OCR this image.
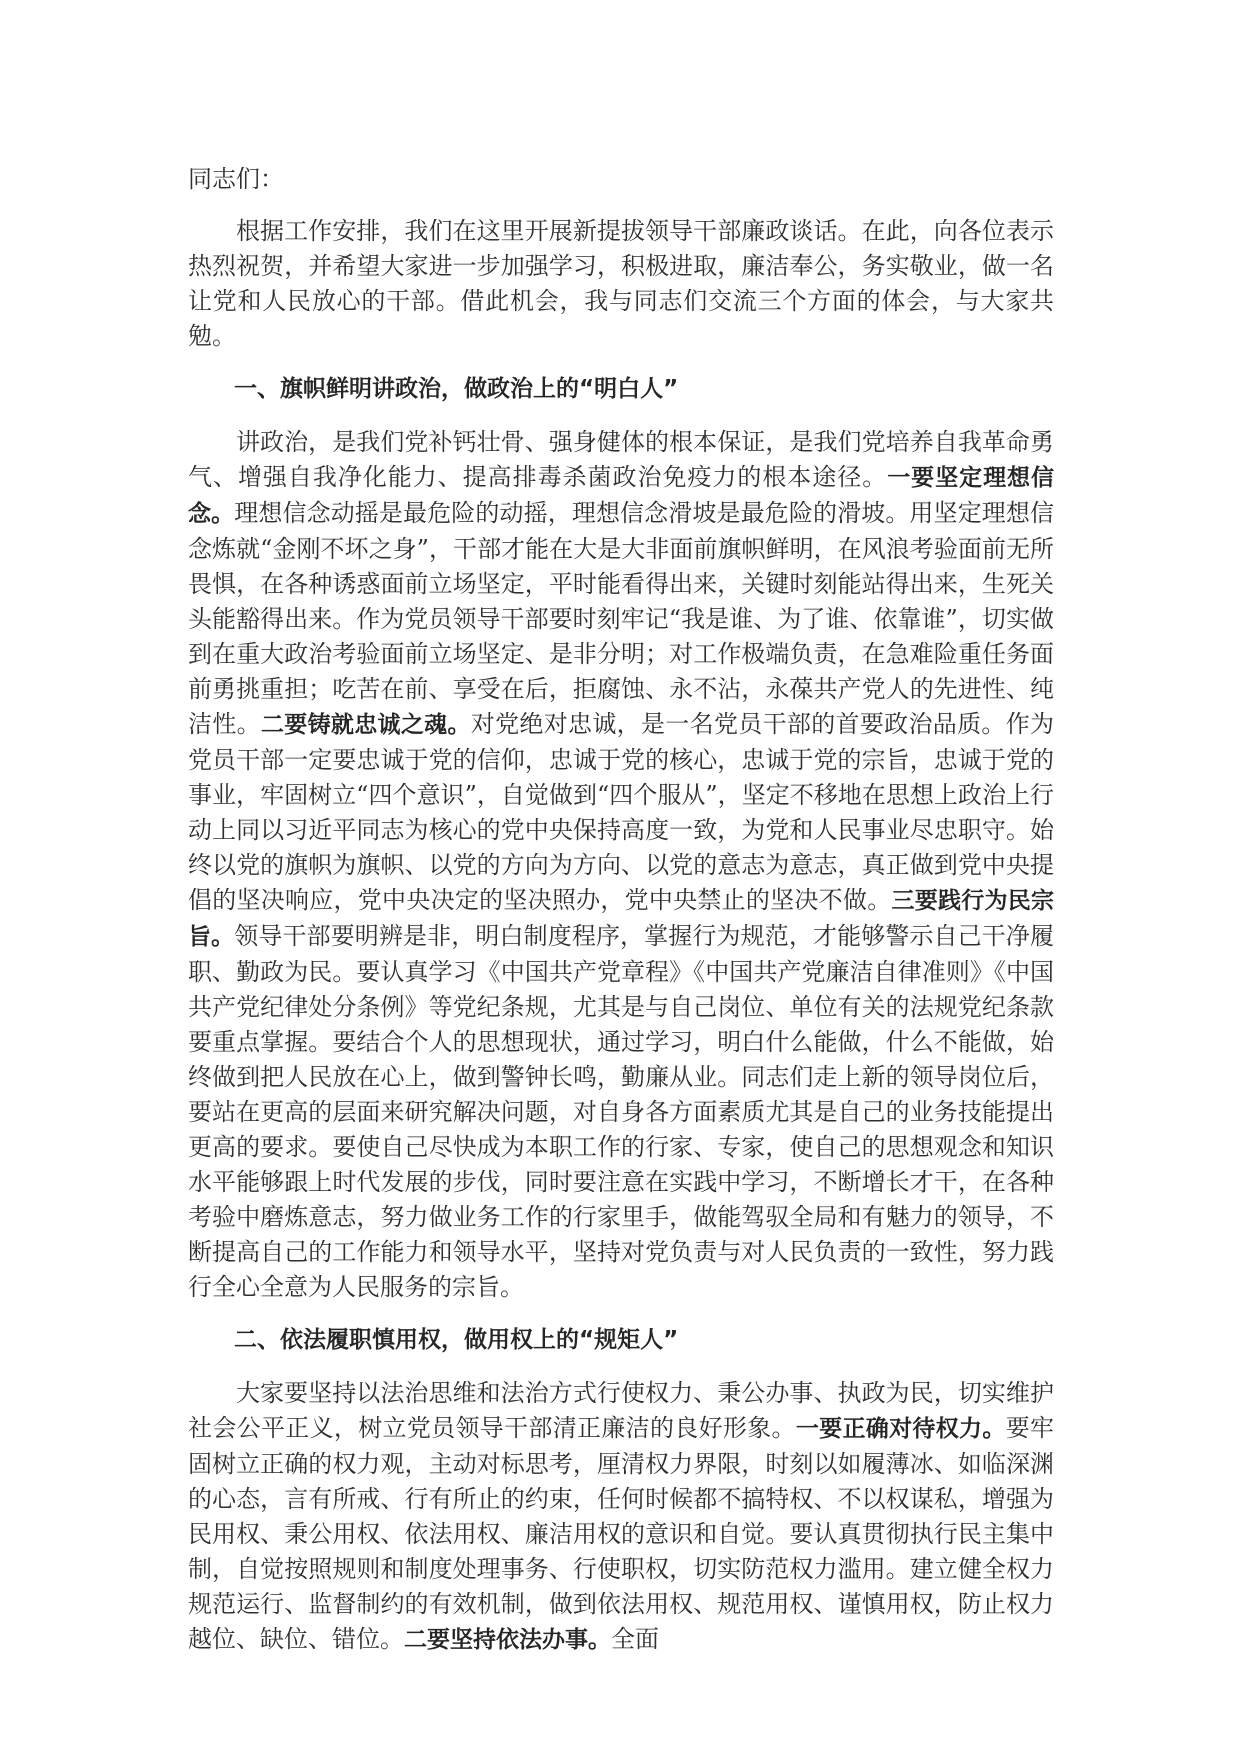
同志们：

根据工作安排，我们在这里开展新提拔领导干部廉政谈话。在此，向各位表示热烈祝贺，并希望大家进一步加强学习，积极进取，廉洁奉公，务实敬业，做一名让党和人民放心的干部。借此机会，我与同志们交流三个方面的体会，与大家共勉。

一、旗帜鲜明讲政治，做政治上的“明白人”

讲政治，是我们党补钙壮骨、强身健体的根本保证，是我们党培养自我革命勇气、增强自我净化能力、提高排毒杀菌政治免疫力的根本途径。一要坚定理想信念。理想信念动摇是最危险的动摇，理想信念滑坡是最危险的滑坡。用坚定理想信念炼就“金刚不坏之身”，干部才能在大是大非面前旗帜鲜明，在风浪考验面前无所畏惧，在各种诱惑面前立场坚定，平时能看得出来，关键时刻能站得出来，生死关头能豁得出来。作为党员领导干部要时刻牢记“我是谁、为了谁、依靠谁”，切实做到在重大政治考验面前立场坚定、是非分明；对工作极端负责，在急难险重任务面前勇挑重担；吃苦在前、享受在后，拒腐蚀、永不沾，永葆共产党人的先进性、纯洁性。二要铸就忠诚之魂。对党绝对忠诚，是一名党员干部的首要政治品质。作为党员干部一定要忠诚于党的信仰，忠诚于党的核心，忠诚于党的宗旨，忠诚于党的事业，牢固树立“四个意识”，自觉做到“四个服从”，坚定不移地在思想上政治上行动上同以习近平同志为核心的党中央保持高度一致，为党和人民事业尽忠职守。始终以党的旗帜为旗帜、以党的方向为方向、以党的意志为意志，真正做到党中央提倡的坚决响应，党中央决定的坚决照办，党中央禁止的坚决不做。三要践行为民宗旨。领导干部要明辨是非，明白制度程序，掌握行为规范，才能够警示自己干净履职、勤政为民。要认真学习《中国共产党章程》《中国共产党廉洁自律准则》《中国共产党纪律处分条例》等党纪条规，尤其是与自己岗位、单位有关的法规党纪条款要重点掌握。要结合个人的思想现状，通过学习，明白什么能做，什么不能做，始终做到把人民放在心上，做到警钟长鸣，勤廉从业。同志们走上新的领导岗位后，要站在更高的层面来研究解决问题，对自身各方面素质尤其是自己的业务技能提出更高的要求。要使自己尽快成为本职工作的行家、专家，使自己的思想观念和知识水平能够跟上时代发展的步伐，同时要注意在实践中学习，不断增长才干，在各种考验中磨炼意志，努力做业务工作的行家里手，做能驾驭全局和有魅力的领导，不断提高自己的工作能力和领导水平，坚持对党负责与对人民负责的一致性，努力践行全心全意为人民服务的宗旨。

二、依法履职慎用权，做用权上的“规矩人”

大家要坚持以法治思维和法治方式行使权力、秉公办事、执政为民，切实维护社会公平正义，树立党员领导干部清正廉洁的良好形象。一要正确对待权力。要牢固树立正确的权力观，主动对标思考，厘清权力界限，时刻以如履薄冰、如临深渊的心态，言有所戒、行有所止的约束，任何时候都不搞特权、不以权谋私，增强为民用权、秉公用权、依法用权、廉洁用权的意识和自觉。要认真贯彻执行民主集中制，自觉按照规则和制度处理事务、行使职权，切实防范权力滥用。建立健全权力规范运行、监督制约的有效机制，做到依法用权、规范用权、谨慎用权，防止权力越位、缺位、错位。二要坚持依法办事。全面
